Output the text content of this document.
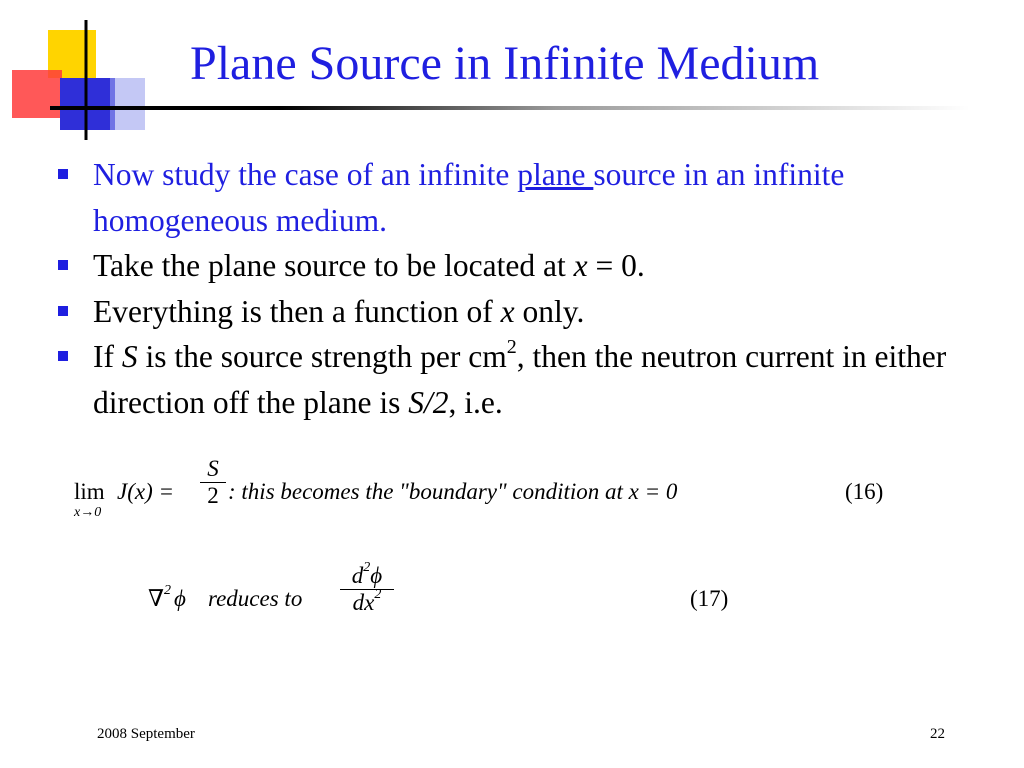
Plane Source in Infinite Medium
Now study the case of an infinite plane source in an infinite homogeneous medium.
Take the plane source to be located at x = 0.
Everything is then a function of x only.
If S is the source strength per $cm^2$, then the neutron current in either direction off the plane is S/2, i.e.
lim
x→0
J(x) =
S
2 : this becomes the "boundary" condition at x = 0	(16)
∇ 2 ϕ reduces to
$d^2\phi$
$dx^2$	(17)
2008 September	22
